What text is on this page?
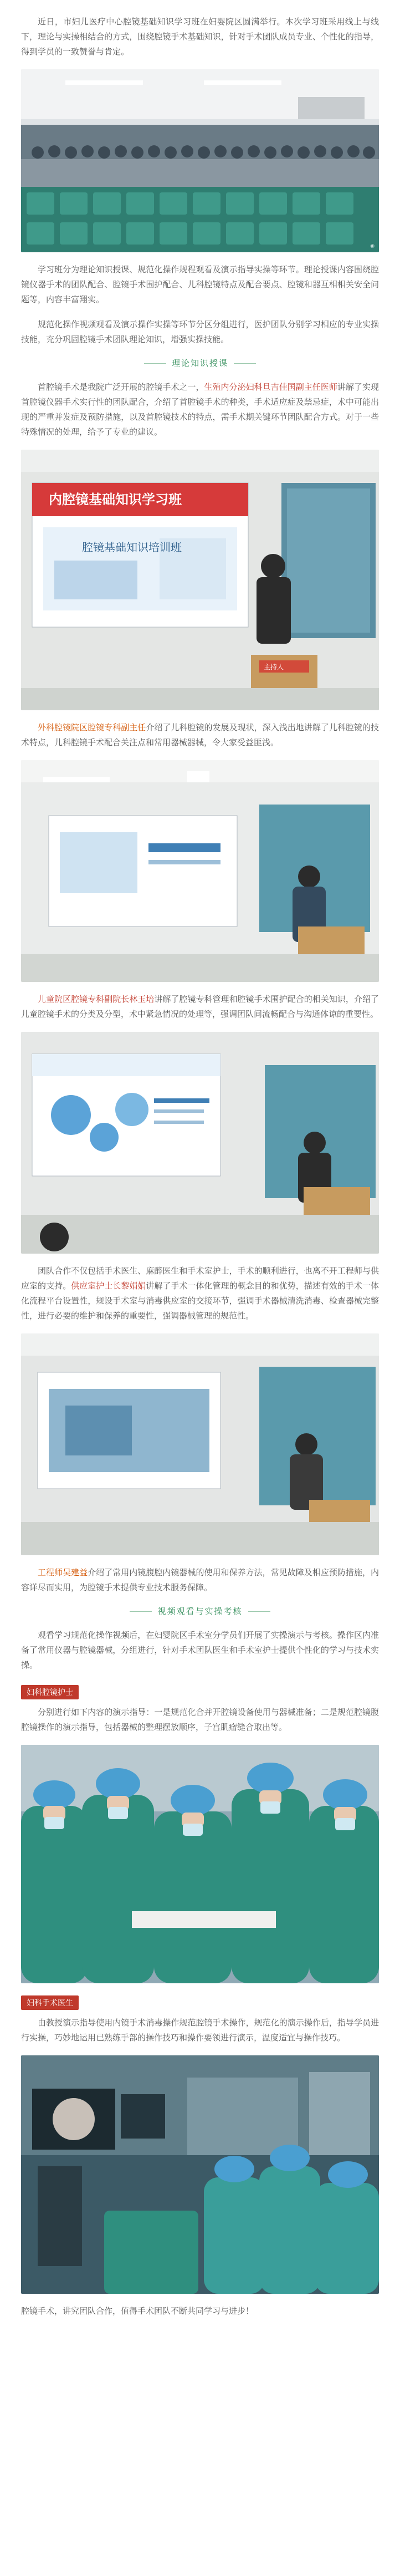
近日，市妇儿医疗中心腔镜基础知识学习班在妇婴院区圆满举行。本次学习班采用线上与线下，理论与实操相结合的方式，围绕腔镜手术基础知识，针对手术团队成员专业、个性化的指导，得到学员的一致赞誉与肯定。

◉

学习班分为理论知识授课、规范化操作规程观看及演示指导实操等环节。理论授课内容围绕腔镜仪器手术的团队配合、腔镜手术围护配合、儿科腔镜特点及配合要点、腔镜和器互相相关安全问题等，内容丰富翔实。

规范化操作视频观看及演示操作实操等环节分区分组进行，医护团队分别学习相应的专业实操技能，充分巩固腔镜手术团队理论知识，增强实操技能。

理论知识授课

首腔镜手术是我院广泛开展的腔镜手术之一，生殖内分泌妇科旦吉佳国副主任医师讲解了实现首腔镜仪器手术实行性的团队配合，介绍了首腔镜手术的种类，手术适应症及禁忌症，术中可能出现的严重并发症及预防措施，以及首腔镜技术的特点，需手术期关键环节团队配合方式。对于一些特殊情况的处理，给予了专业的建议。

内腔镜基础知识学习班
腔镜基础知识培训班
主持人

外科腔镜院区腔镜专科副主任介绍了儿科腔镜的发展及现状，深入浅出地讲解了儿科腔镜的技术特点，儿科腔镜手术配合关注点和常用器械器械，令大家受益匪浅。

儿童院区腔镜专科副院长林玉培讲解了腔镜专科管理和腔镜手术围护配合的相关知识，介绍了儿童腔镜手术的分类及分型，术中紧急情况的处理等，强调团队间流畅配合与沟通体谅的重要性。

团队合作不仅包括手术医生、麻醉医生和手术室护士，手术的顺利进行，也离不开工程师与供应室的支持。供应室护士长黎娟娟讲解了手术一体化管理的概念目的和优势，描述有效的手术一体化流程平台设置性，规设手术室与消毒供应室的交接环节，强调手术器械清洗消毒、检查器械完整性，进行必要的维护和保养的重要性，强调器械管理的规范性。

工程师吴建益介绍了常用内镜腹腔内镜器械的使用和保养方法，常见故障及相应预防措施，内容详尽而实用，为腔镜手术提供专业技术服务保障。

视频观看与实操考核

观看学习规范化操作视频后，在妇婴院区手术室分学员们开展了实操演示与考核。操作区内准备了常用仪器与腔镜器械，分组进行，针对手术团队医生和手术室护士提供个性化的学习与技术实操。

妇科腔镜护士

分别进行如下内容的演示指导：一是规范化合并开腔镜设备使用与器械准备；二是规范腔镜腹腔镜操作的演示指导，包括器械的整理摆放顺序，子宫肌瘤缝合取出等。

妇科手术医生

由教授演示指导使用内镜手术消毒操作规范腔镜手术操作，规范化的演示操作后，指导学员进行实操，巧妙地运用已熟练手部的操作技巧和操作要领进行演示，温度适宜与操作技巧。

腔镜手术，讲究团队合作，值得手术团队不断共同学习与进步！
